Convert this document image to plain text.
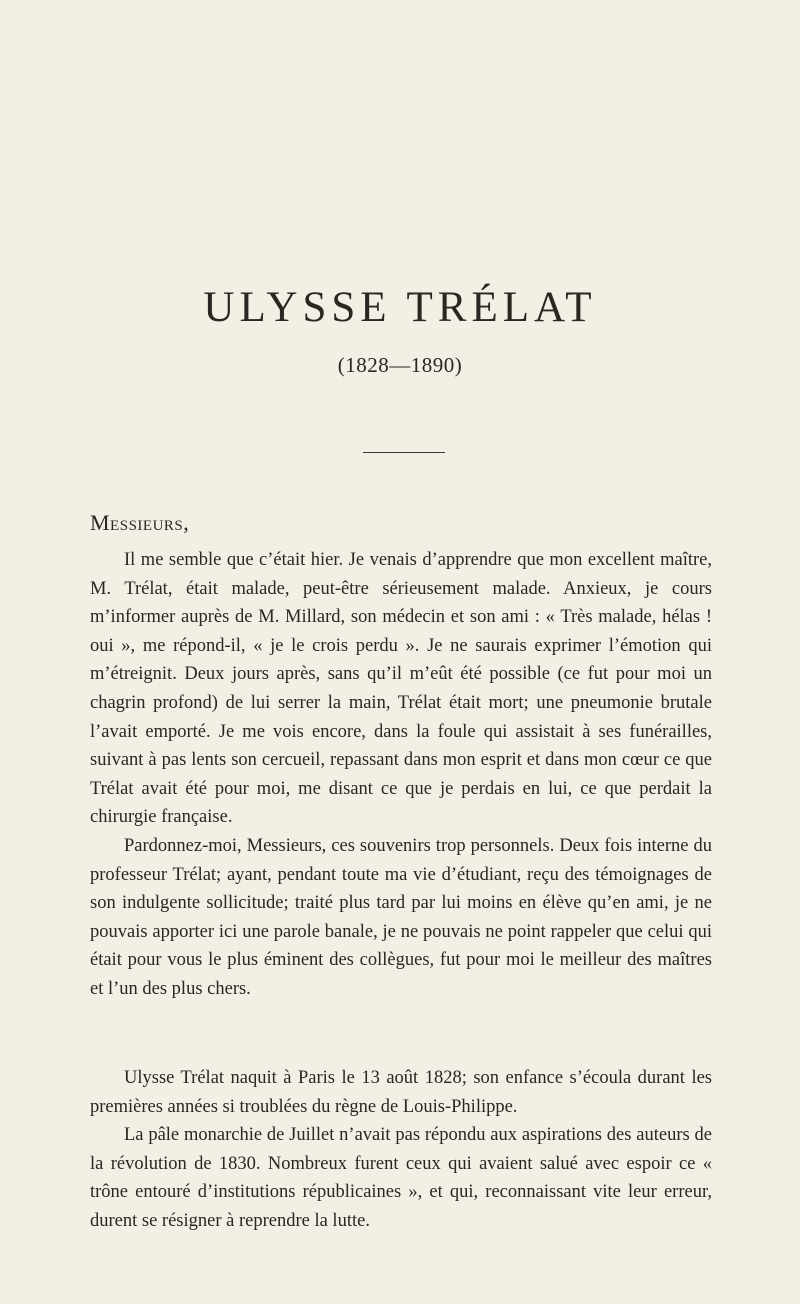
ULYSSE TRÉLAT
(1828—1890)
Messieurs,

Il me semble que c’était hier. Je venais d’apprendre que mon excellent maître, M. Trélat, était malade, peut-être sérieusement malade. Anxieux, je cours m’informer auprès de M. Millard, son médecin et son ami : « Très malade, hélas ! oui », me répond-il, « je le crois perdu ». Je ne saurais exprimer l’émotion qui m’étreignit. Deux jours après, sans qu’il m’eût été possible (ce fut pour moi un chagrin profond) de lui serrer la main, Trélat était mort; une pneumonie brutale l’avait emporté. Je me vois encore, dans la foule qui assistait à ses funérailles, suivant à pas lents son cercueil, repassant dans mon esprit et dans mon cœur ce que Trélat avait été pour moi, me disant ce que je perdais en lui, ce que perdait la chirurgie française.

Pardonnez-moi, Messieurs, ces souvenirs trop personnels. Deux fois interne du professeur Trélat; ayant, pendant toute ma vie d’étudiant, reçu des témoignages de son indulgente sollicitude; traité plus tard par lui moins en élève qu’en ami, je ne pouvais apporter ici une parole banale, je ne pouvais ne point rappeler que celui qui était pour vous le plus éminent des collègues, fut pour moi le meilleur des maîtres et l’un des plus chers.

Ulysse Trélat naquit à Paris le 13 août 1828; son enfance s’écoula durant les premières années si troublées du règne de Louis-Philippe.

La pâle monarchie de Juillet n’avait pas répondu aux aspirations des auteurs de la révolution de 1830. Nombreux furent ceux qui avaient salué avec espoir ce « trône entouré d’institutions républicaines », et qui, reconnaissant vite leur erreur, durent se résigner à reprendre la lutte.
